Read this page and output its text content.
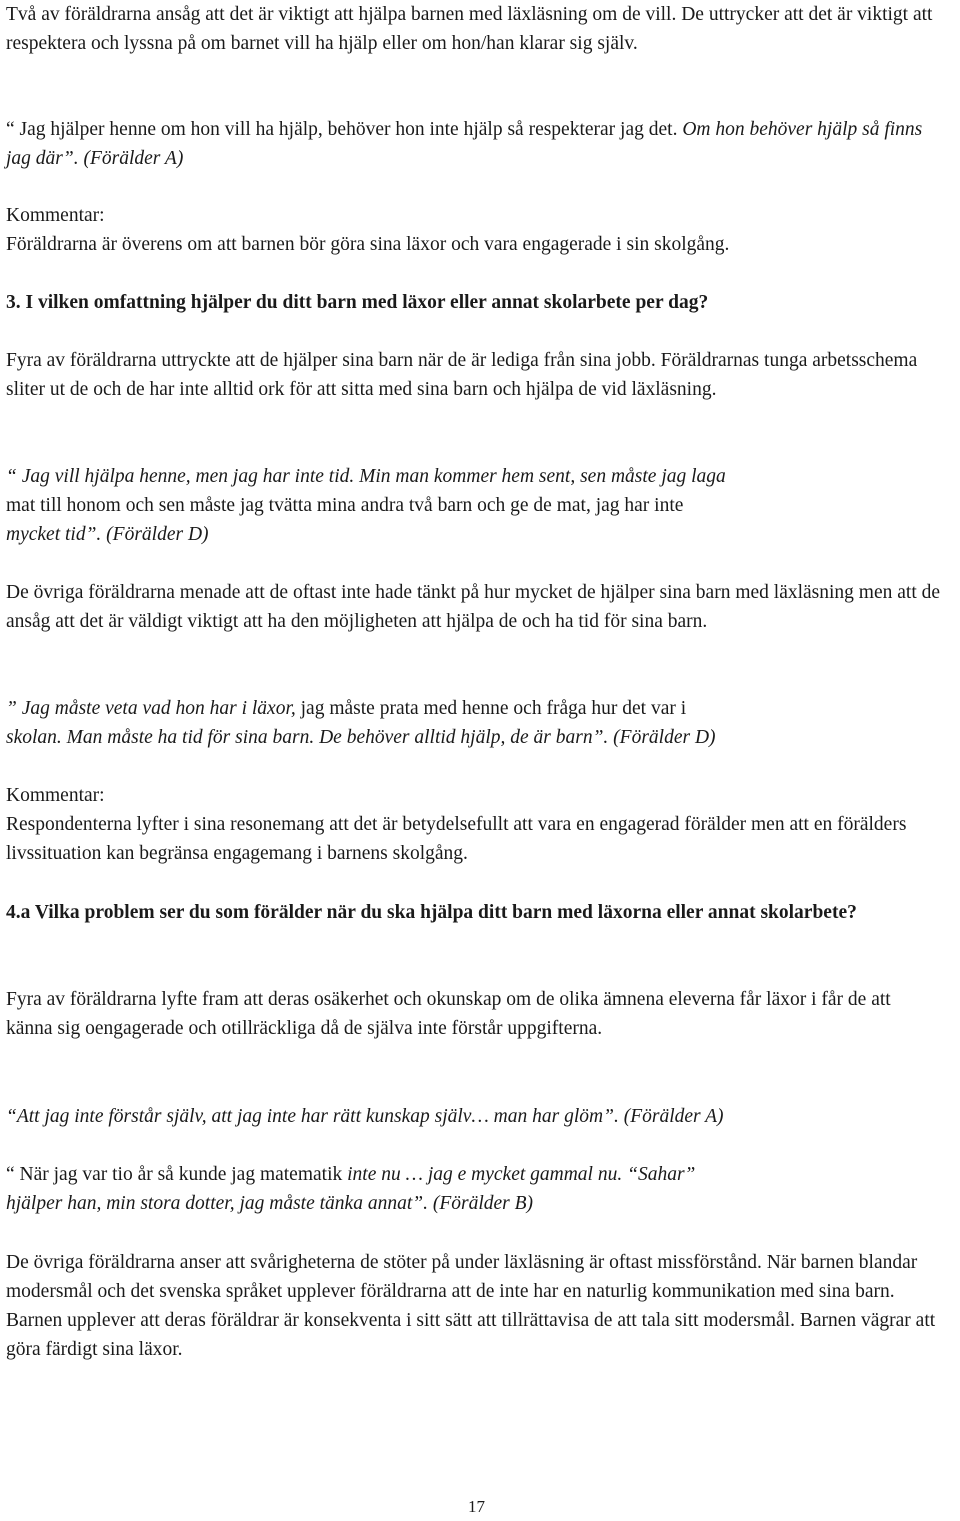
Två av föräldrarna ansåg att det är viktigt att hjälpa barnen med läxläsning om de vill. De uttrycker att det är viktigt att respektera och lyssna på om barnet vill ha hjälp eller om hon/han klarar sig själv.

“ Jag hjälper henne om hon vill ha hjälp, behöver hon inte hjälp så respekterar jag det. Om hon behöver hjälp så finns jag där”. (Förälder A)

Kommentar:

Föräldrarna är överens om att barnen bör göra sina läxor och vara engagerade i sin skolgång.

3. I vilken omfattning hjälper du ditt barn med läxor eller annat skolarbete per dag?

Fyra av föräldrarna uttryckte att de hjälper sina barn när de är lediga från sina jobb. Föräldrarnas tunga arbetsschema sliter ut de och de har inte alltid ork för att sitta med sina barn och hjälpa de vid läxläsning.

“ Jag vill hjälpa henne, men jag har inte tid. Min man kommer hem sent, sen måste jag laga

mat till honom och sen måste jag tvätta mina andra två barn och ge de mat, jag har inte

mycket tid”. (Förälder D)

De övriga föräldrarna menade att de oftast inte hade tänkt på hur mycket de hjälper sina barn med läxläsning men att de ansåg att det är väldigt viktigt att ha den möjligheten att hjälpa de och ha tid för sina barn.

” Jag måste veta vad hon har i läxor, jag måste prata med henne och fråga hur det var i

skolan. Man måste ha tid för sina barn. De behöver alltid hjälp, de är barn”. (Förälder D)

Kommentar:

Respondenterna lyfter i sina resonemang att det är betydelsefullt att vara en engagerad förälder men att en förälders livssituation kan begränsa engagemang i barnens skolgång.

4.a Vilka problem ser du som förälder när du ska hjälpa ditt barn med läxorna eller annat skolarbete?

Fyra av föräldrarna lyfte fram att deras osäkerhet och okunskap om de olika ämnena eleverna får läxor i får de att känna sig oengagerade och otillräckliga då de själva inte förstår uppgifterna.

“Att jag inte förstår själv, att jag inte har rätt kunskap själv… man har glöm”. (Förälder A)

“ När jag var tio år så kunde jag matematik inte nu … jag e mycket gammal nu. “Sahar”

hjälper han, min stora dotter, jag måste tänka annat”. (Förälder B)

De övriga föräldrarna anser att svårigheterna de stöter på under läxläsning är oftast missförstånd. När barnen blandar modersmål och det svenska språket upplever föräldrarna att de inte har en naturlig kommunikation med sina barn. Barnen upplever att deras föräldrar är konsekventa i sitt sätt att tillrättavisa de att tala sitt modersmål. Barnen vägrar att göra färdigt sina läxor.

17
